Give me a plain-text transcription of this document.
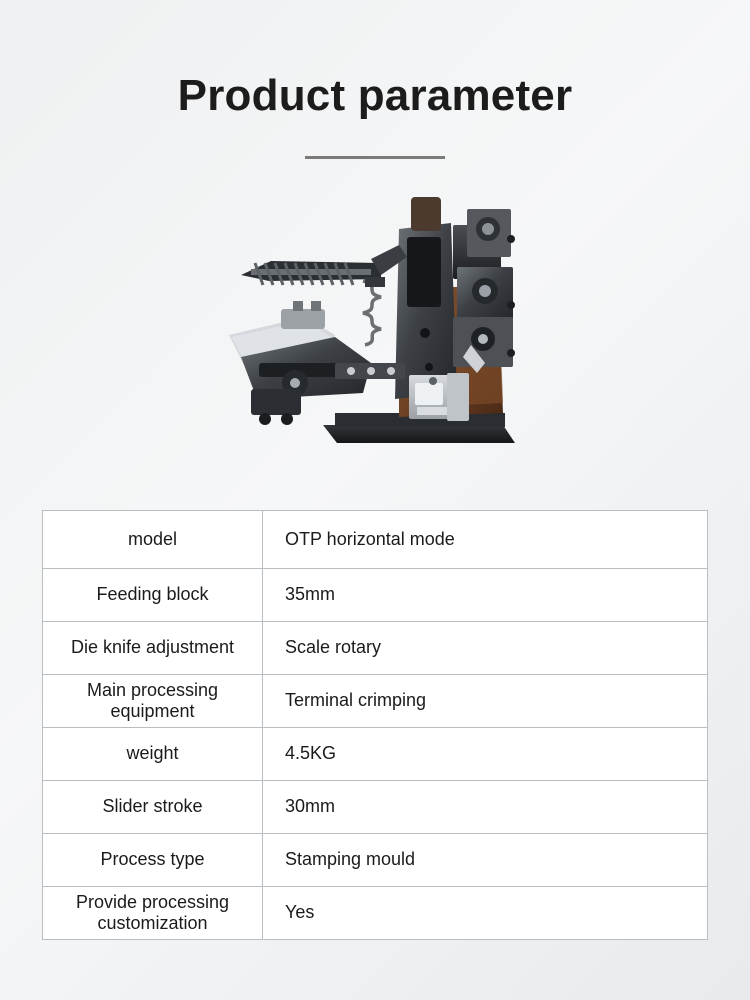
Product parameter
model	OTP horizontal mode
Feeding block	35mm
Die knife adjustment	Scale rotary
Main processing equipment	Terminal crimping
weight	4.5KG
Slider stroke	30mm
Process type	Stamping mould
Provide processing customization	Yes
